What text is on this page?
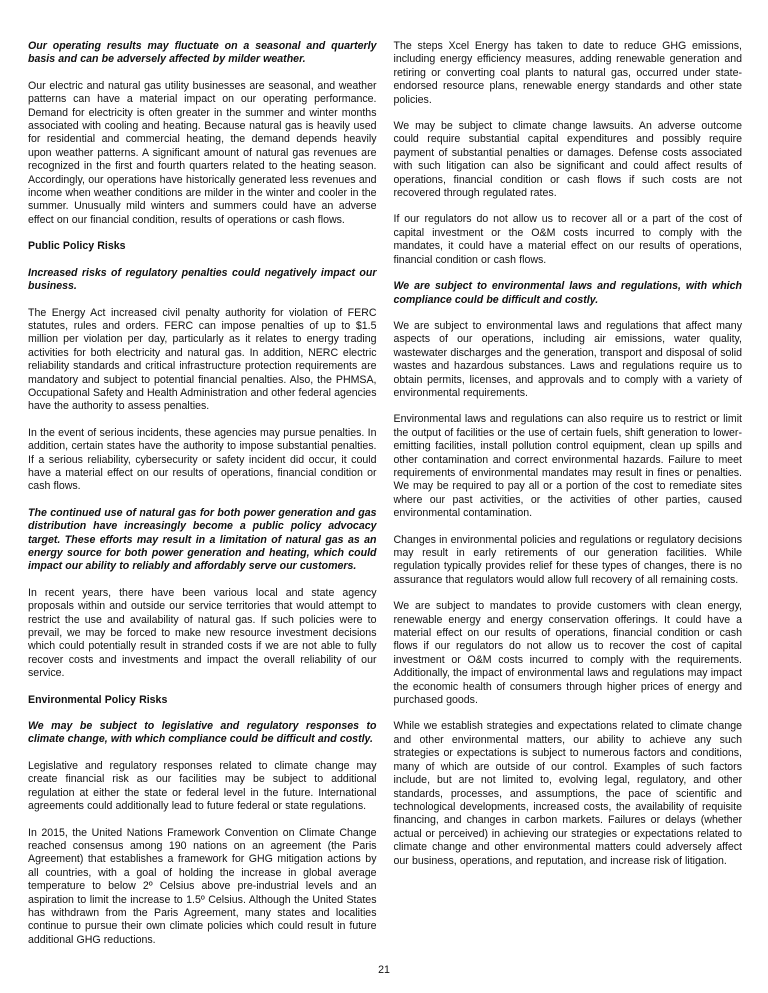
Our operating results may fluctuate on a seasonal and quarterly basis and can be adversely affected by milder weather.

Our electric and natural gas utility businesses are seasonal, and weather patterns can have a material impact on our operating performance. Demand for electricity is often greater in the summer and winter months associated with cooling and heating. Because natural gas is heavily used for residential and commercial heating, the demand depends heavily upon weather patterns. A significant amount of natural gas revenues are recognized in the first and fourth quarters related to the heating season. Accordingly, our operations have historically generated less revenues and income when weather conditions are milder in the winter and cooler in the summer. Unusually mild winters and summers could have an adverse effect on our financial condition, results of operations or cash flows.

Public Policy Risks
Increased risks of regulatory penalties could negatively impact our business.

The Energy Act increased civil penalty authority for violation of FERC statutes, rules and orders. FERC can impose penalties of up to $1.5 million per violation per day, particularly as it relates to energy trading activities for both electricity and natural gas. In addition, NERC electric reliability standards and critical infrastructure protection requirements are mandatory and subject to potential financial penalties. Also, the PHMSA, Occupational Safety and Health Administration and other federal agencies have the authority to assess penalties.

In the event of serious incidents, these agencies may pursue penalties. In addition, certain states have the authority to impose substantial penalties. If a serious reliability, cybersecurity or safety incident did occur, it could have a material effect on our results of operations, financial condition or cash flows.

The continued use of natural gas for both power generation and gas distribution have increasingly become a public policy advocacy target. These efforts may result in a limitation of natural gas as an energy source for both power generation and heating, which could impact our ability to reliably and affordably serve our customers.

In recent years, there have been various local and state agency proposals within and outside our service territories that would attempt to restrict the use and availability of natural gas. If such policies were to prevail, we may be forced to make new resource investment decisions which could potentially result in stranded costs if we are not able to fully recover costs and investments and impact the overall reliability of our service.

Environmental Policy Risks
We may be subject to legislative and regulatory responses to climate change, with which compliance could be difficult and costly.

Legislative and regulatory responses related to climate change may create financial risk as our facilities may be subject to additional regulation at either the state or federal level in the future. International agreements could additionally lead to future federal or state regulations.

In 2015, the United Nations Framework Convention on Climate Change reached consensus among 190 nations on an agreement (the Paris Agreement) that establishes a framework for GHG mitigation actions by all countries, with a goal of holding the increase in global average temperature to below 2º Celsius above pre-industrial levels and an aspiration to limit the increase to 1.5º Celsius. Although the United States has withdrawn from the Paris Agreement, many states and localities continue to pursue their own climate policies which could result in future additional GHG reductions.

The steps Xcel Energy has taken to date to reduce GHG emissions, including energy efficiency measures, adding renewable generation and retiring or converting coal plants to natural gas, occurred under state-endorsed resource plans, renewable energy standards and other state policies.

We may be subject to climate change lawsuits. An adverse outcome could require substantial capital expenditures and possibly require payment of substantial penalties or damages. Defense costs associated with such litigation can also be significant and could affect results of operations, financial condition or cash flows if such costs are not recovered through regulated rates.

If our regulators do not allow us to recover all or a part of the cost of capital investment or the O&M costs incurred to comply with the mandates, it could have a material effect on our results of operations, financial condition or cash flows.

We are subject to environmental laws and regulations, with which compliance could be difficult and costly.

We are subject to environmental laws and regulations that affect many aspects of our operations, including air emissions, water quality, wastewater discharges and the generation, transport and disposal of solid wastes and hazardous substances. Laws and regulations require us to obtain permits, licenses, and approvals and to comply with a variety of environmental requirements.

Environmental laws and regulations can also require us to restrict or limit the output of facilities or the use of certain fuels, shift generation to lower-emitting facilities, install pollution control equipment, clean up spills and other contamination and correct environmental hazards. Failure to meet requirements of environmental mandates may result in fines or penalties. We may be required to pay all or a portion of the cost to remediate sites where our past activities, or the activities of other parties, caused environmental contamination.

Changes in environmental policies and regulations or regulatory decisions may result in early retirements of our generation facilities. While regulation typically provides relief for these types of changes, there is no assurance that regulators would allow full recovery of all remaining costs.

We are subject to mandates to provide customers with clean energy, renewable energy and energy conservation offerings. It could have a material effect on our results of operations, financial condition or cash flows if our regulators do not allow us to recover the cost of capital investment or O&M costs incurred to comply with the requirements. Additionally, the impact of environmental laws and regulations may impact the economic health of consumers through higher prices of energy and purchased goods.

While we establish strategies and expectations related to climate change and other environmental matters, our ability to achieve any such strategies or expectations is subject to numerous factors and conditions, many of which are outside of our control. Examples of such factors include, but are not limited to, evolving legal, regulatory, and other standards, processes, and assumptions, the pace of scientific and technological developments, increased costs, the availability of requisite financing, and changes in carbon markets. Failures or delays (whether actual or perceived) in achieving our strategies or expectations related to climate change and other environmental matters could adversely affect our business, operations, and reputation, and increase risk of litigation.

21
